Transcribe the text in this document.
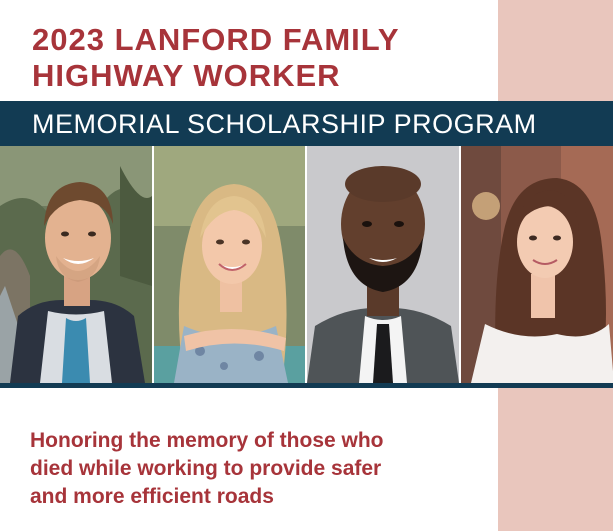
2023 LANFORD FAMILY
HIGHWAY WORKER
MEMORIAL SCHOLARSHIP PROGRAM

Honoring the memory of those who
died while working to provide safer
and more efficient roads
